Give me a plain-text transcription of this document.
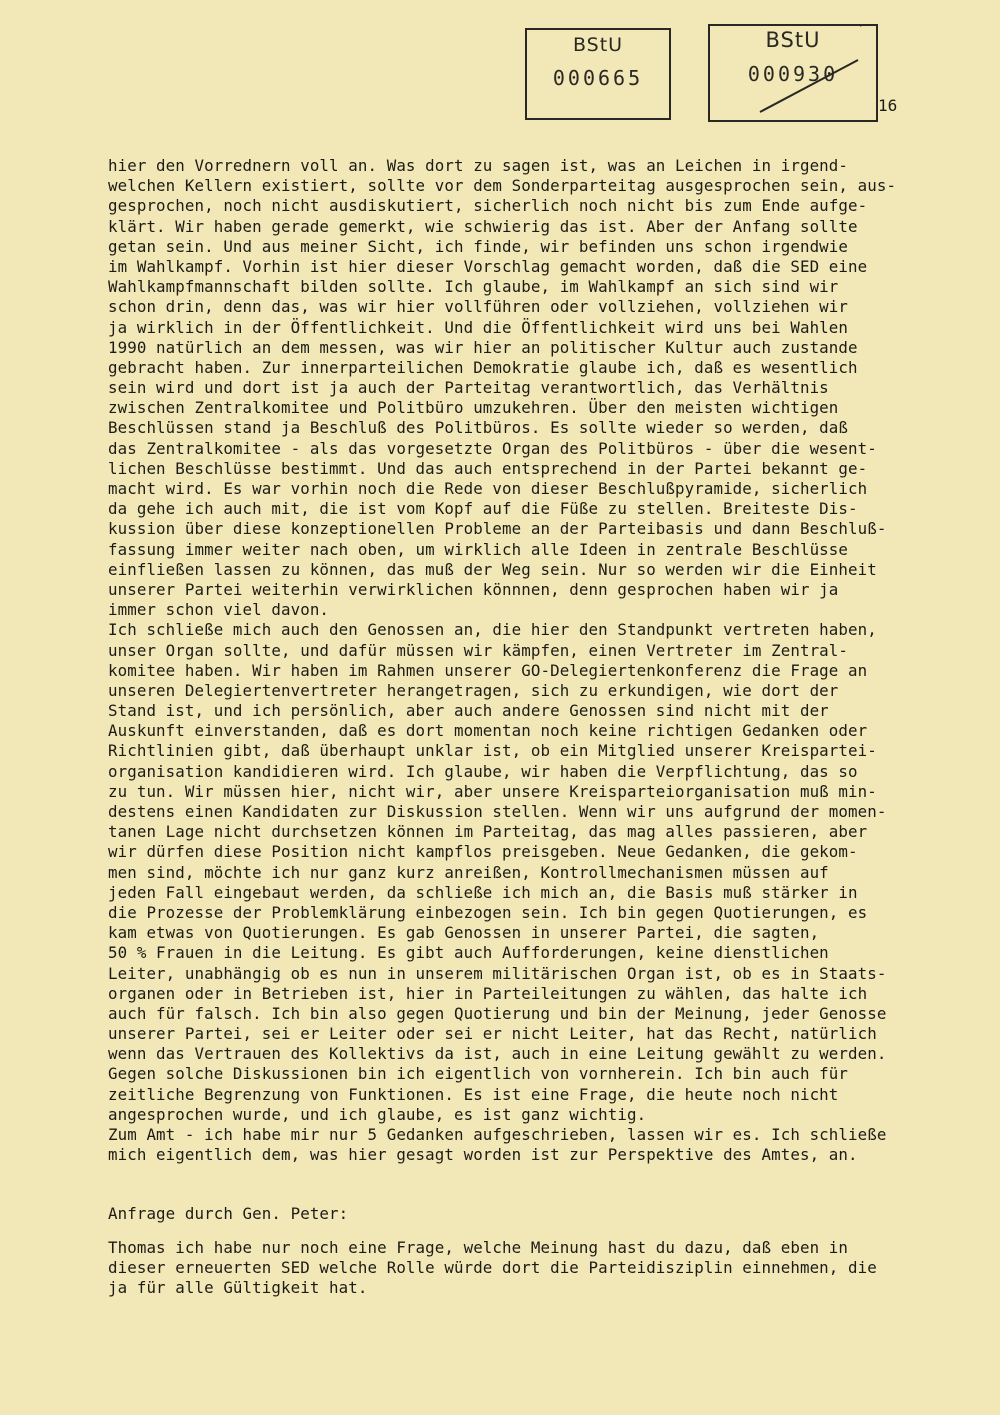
BStU
000665
BStU
000930
16
hier den Vorrednern voll an. Was dort zu sagen ist, was an Leichen in irgend-
welchen Kellern existiert, sollte vor dem Sonderparteitag ausgesprochen sein, aus-
gesprochen, noch nicht ausdiskutiert, sicherlich noch nicht bis zum Ende aufge-
klärt. Wir haben gerade gemerkt, wie schwierig das ist. Aber der Anfang sollte
getan sein. Und aus meiner Sicht, ich finde, wir befinden uns schon irgendwie
im Wahlkampf. Vorhin ist hier dieser Vorschlag gemacht worden, daß die SED eine
Wahlkampfmannschaft bilden sollte. Ich glaube, im Wahlkampf an sich sind wir
schon drin, denn das, was wir hier vollführen oder vollziehen, vollziehen wir
ja wirklich in der Öffentlichkeit. Und die Öffentlichkeit wird uns bei Wahlen
1990 natürlich an dem messen, was wir hier an politischer Kultur auch zustande
gebracht haben. Zur innerparteilichen Demokratie glaube ich, daß es wesentlich
sein wird und dort ist ja auch der Parteitag verantwortlich, das Verhältnis
zwischen Zentralkomitee und Politbüro umzukehren. Über den meisten wichtigen
Beschlüssen stand ja Beschluß des Politbüros. Es sollte wieder so werden, daß
das Zentralkomitee - als das vorgesetzte Organ des Politbüros - über die wesent-
lichen Beschlüsse bestimmt. Und das auch entsprechend in der Partei bekannt ge-
macht wird. Es war vorhin noch die Rede von dieser Beschlußpyramide, sicherlich
da gehe ich auch mit, die ist vom Kopf auf die Füße zu stellen. Breiteste Dis-
kussion über diese konzeptionellen Probleme an der Parteibasis und dann Beschluß-
fassung immer weiter nach oben, um wirklich alle Ideen in zentrale Beschlüsse
einfließen lassen zu können, das muß der Weg sein. Nur so werden wir die Einheit
unserer Partei weiterhin verwirklichen könnnen, denn gesprochen haben wir ja
immer schon viel davon.
Ich schließe mich auch den Genossen an, die hier den Standpunkt vertreten haben,
unser Organ sollte, und dafür müssen wir kämpfen, einen Vertreter im Zentral-
komitee haben. Wir haben im Rahmen unserer GO-Delegiertenkonferenz die Frage an
unseren Delegiertenvertreter herangetragen, sich zu erkundigen, wie dort der
Stand ist, und ich persönlich, aber auch andere Genossen sind nicht mit der
Auskunft einverstanden, daß es dort momentan noch keine richtigen Gedanken oder
Richtlinien gibt, daß überhaupt unklar ist, ob ein Mitglied unserer Kreispartei-
organisation kandidieren wird. Ich glaube, wir haben die Verpflichtung, das so
zu tun. Wir müssen hier, nicht wir, aber unsere Kreisparteiorganisation muß min-
destens einen Kandidaten zur Diskussion stellen. Wenn wir uns aufgrund der momen-
tanen Lage nicht durchsetzen können im Parteitag, das mag alles passieren, aber
wir dürfen diese Position nicht kampflos preisgeben. Neue Gedanken, die gekom-
men sind, möchte ich nur ganz kurz anreißen, Kontrollmechanismen müssen auf
jeden Fall eingebaut werden, da schließe ich mich an, die Basis muß stärker in
die Prozesse der Problemklärung einbezogen sein. Ich bin gegen Quotierungen, es
kam etwas von Quotierungen. Es gab Genossen in unserer Partei, die sagten,
50 % Frauen in die Leitung. Es gibt auch Aufforderungen, keine dienstlichen
Leiter, unabhängig ob es nun in unserem militärischen Organ ist, ob es in Staats-
organen oder in Betrieben ist, hier in Parteileitungen zu wählen, das halte ich
auch für falsch. Ich bin also gegen Quotierung und bin der Meinung, jeder Genosse
unserer Partei, sei er Leiter oder sei er nicht Leiter, hat das Recht, natürlich
wenn das Vertrauen des Kollektivs da ist, auch in eine Leitung gewählt zu werden.
Gegen solche Diskussionen bin ich eigentlich von vornherein. Ich bin auch für
zeitliche Begrenzung von Funktionen. Es ist eine Frage, die heute noch nicht
angesprochen wurde, und ich glaube, es ist ganz wichtig.
Zum Amt - ich habe mir nur 5 Gedanken aufgeschrieben, lassen wir es. Ich schließe
mich eigentlich dem, was hier gesagt worden ist zur Perspektive des Amtes, an.
Anfrage durch Gen. Peter:
Thomas ich habe nur noch eine Frage, welche Meinung hast du dazu, daß eben in
dieser erneuerten SED welche Rolle würde dort die Parteidisziplin einnehmen, die
ja für alle Gültigkeit hat.
